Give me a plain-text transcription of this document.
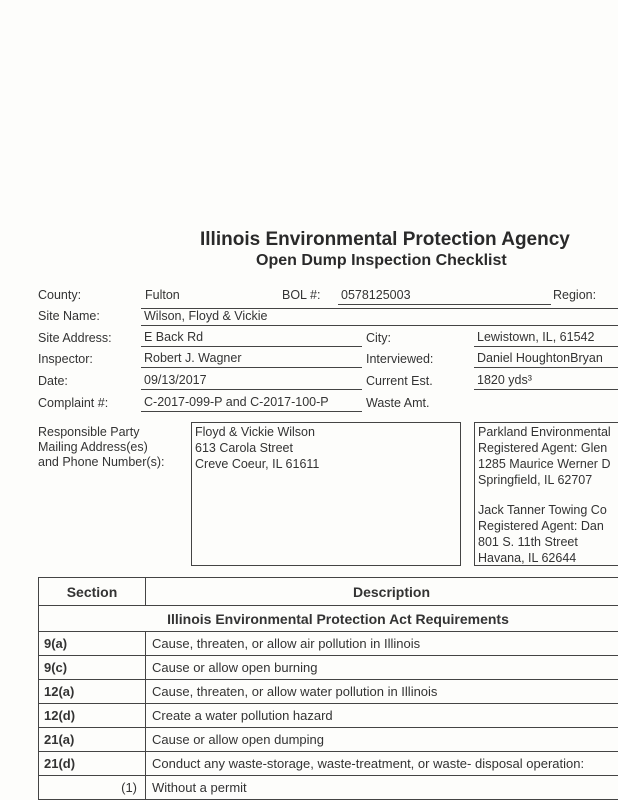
Illinois Environmental Protection Agency
Open Dump Inspection Checklist
County:	Fulton	BOL #: 0578125003	Region:
Site Name:	Wilson, Floyd & Vickie
Site Address:	E Back Rd	City:	Lewistown, IL, 61542
Inspector:	Robert J. Wagner	Interviewed:	Daniel HoughtonBryan
Date:	09/13/2017	Current Est.	1820 yds³
Complaint #:	C-2017-099-P and C-2017-100-P	Waste Amt.
Responsible Party
Mailing Address(es)
and Phone Number(s):
Floyd & Vickie Wilson
613 Carola Street
Creve Coeur, IL 61611
Parkland Environmental
Registered Agent: Glen
1285 Maurice Werner D
Springfield, IL 62707
Jack Tanner Towing Co
Registered Agent: Dan
801 S. 11th Street
Havana, IL 62644
Section	Description
Illinois Environmental Protection Act Requirements	
9(a)	Cause, threaten, or allow air pollution in Illinois
9(c)	Cause or allow open burning
12(a)	Cause, threaten, or allow water pollution in Illinois
12(d)	Create a water pollution hazard
21(a)	Cause or allow open dumping
21(d)	Conduct any waste-storage, waste-treatment, or waste- disposal operation:
(1)	Without a permit
